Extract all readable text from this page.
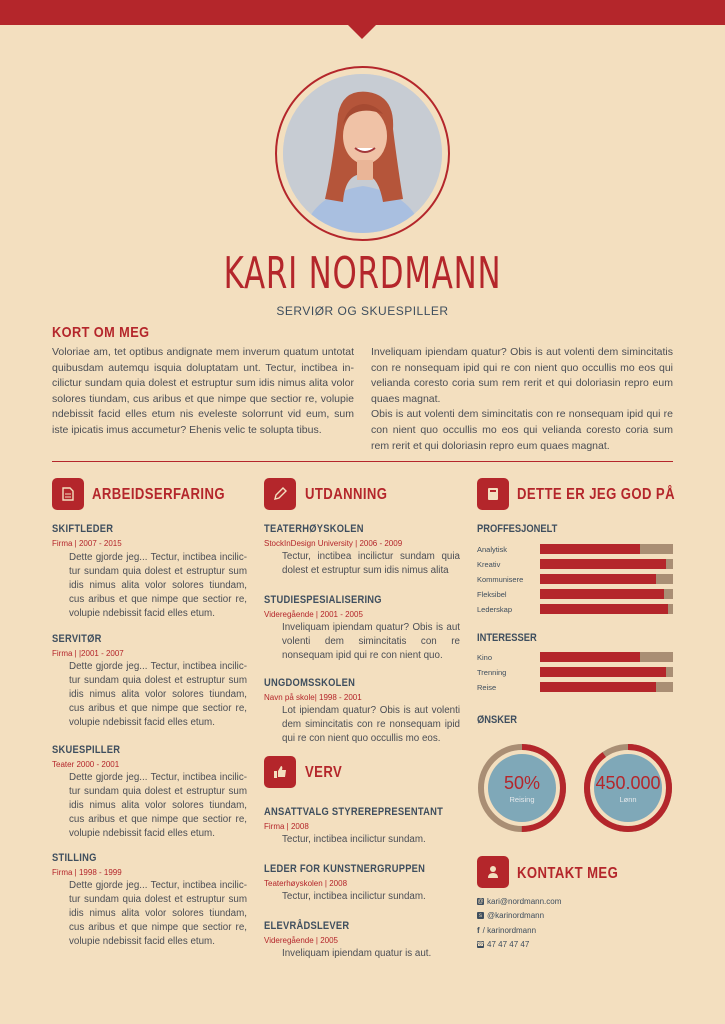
KARI NORDMANN
SERVIØR OG SKUESPILLER
KORT OM MEG
Voloriae am, tet optibus andignate mem inverum quatum untotat quibusdam autemqu isquia doluptatam unt. Tectur, inctibea in-cilictur sundam quia dolest et estruptur sum idis nimus alita volor solores tiundam, cus aribus et que nimpe que sectior re, volupie ndebissit facid elles etum nis eveleste solorrunt vid eum, sum iste ipicatis imus accumetur? Ehenis velic te solupta tibus.
Inveliquam ipiendam quatur? Obis is aut volenti dem simincitatis con re nonsequam ipid qui re con nient quo occullis mo eos qui velianda coresto coria sum rem rerit et qui doloriasin repro eum quaes magnat.
Obis is aut volenti dem simincitatis con re nonsequam ipid qui re con nient quo occullis mo eos qui velianda coresto coria sum rem rerit et qui doloriasin repro eum quaes magnat.
ARBEIDSERFARING
SKIFTLEDER
Firma | 2007 - 2015
Dette gjorde jeg... Tectur, inctibea incilic-tur sundam quia dolest et estruptur sum idis nimus alita volor solores tiundam, cus aribus et que nimpe que sectior re, volupie ndebissit facid elles etum.
SERVITØR
Firma | |2001 - 2007
Dette gjorde jeg... Tectur, inctibea incilic-tur sundam quia dolest et estruptur sum idis nimus alita volor solores tiundam, cus aribus et que nimpe que sectior re, volupie ndebissit facid elles etum.
SKUESPILLER
Teater 2000 - 2001
Dette gjorde jeg... Tectur, inctibea incilic-tur sundam quia dolest et estruptur sum idis nimus alita volor solores tiundam, cus aribus et que nimpe que sectior re, volupie ndebissit facid elles etum.
STILLING
Firma | 1998 - 1999
Dette gjorde jeg... Tectur, inctibea incilic-tur sundam quia dolest et estruptur sum idis nimus alita volor solores tiundam, cus aribus et que nimpe que sectior re, volupie ndebissit facid elles etum.
UTDANNING
TEATERHØYSKOLEN
StockInDesign University | 2006 - 2009
Tectur, inctibea incilictur sundam quia dolest et estruptur sum idis nimus alita
STUDIESPESIALISERING
Videregående | 2001 - 2005
Inveliquam ipiendam quatur? Obis is aut volenti dem simincitatis con re nonsequam ipid qui re con nient quo.
UNGDOMSSKOLEN
Navn på skole| 1998 - 2001
Lot ipiendam quatur? Obis is aut volenti dem simincitatis con re nonsequam ipid qui re con nient quo occullis mo eos.
VERV
ANSATTVALG STYREREPRESENTANT
Firma | 2008
Tectur, inctibea incilictur sundam.
LEDER FOR KUNSTNERGRUPPEN
Teaterhøyskolen | 2008
Tectur, inctibea incilictur sundam.
ELEVRÅDSLEVER
Videregående | 2005
Inveliquam ipiendam quatur is aut.
DETTE ER JEG GOD PÅ
PROFFESJONELT
Analytisk
Kreativ
Kommunisere
Fleksibel
Lederskap
INTERESSER
Kino
Trenning
Reise
ØNSKER
50%
Reising
450.000
Lønn
KONTAKT MEG
@ kari@nordmann.com
s @karinordmann
f / karinordmann
☎ 47 47 47 47
